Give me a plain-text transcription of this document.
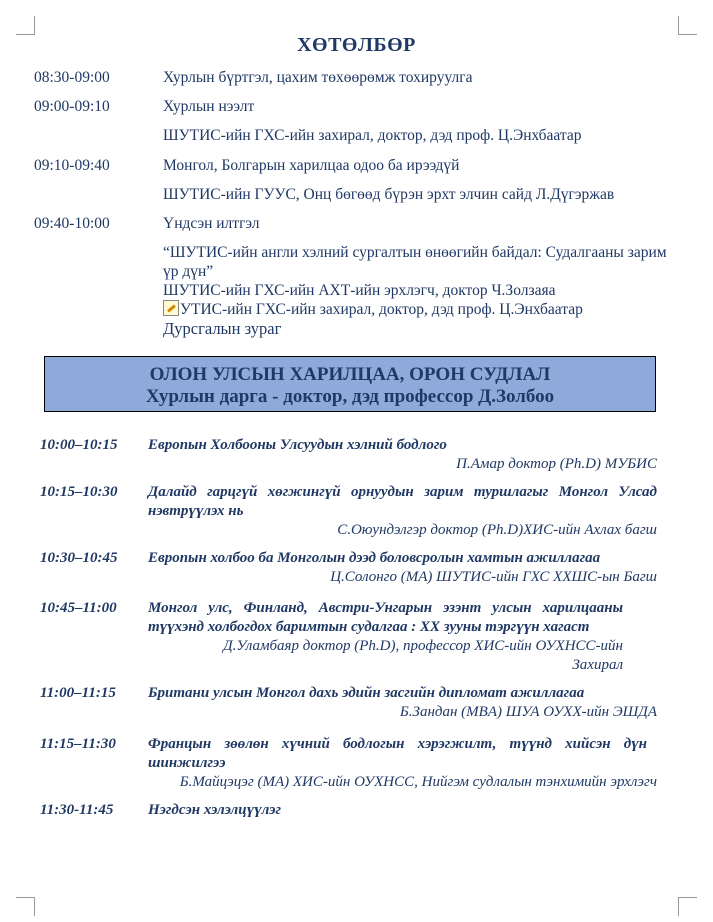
ХӨТӨЛБӨР
08:30-09:00	Хурлын бүртгэл, цахим төхөөрөмж тохируулга
09:00-09:10	Хурлын нээлт
ШУТИС-ийн ГХС-ийн захирал, доктор, дэд проф. Ц.Энхбаатар
09:10-09:40	Монгол, Болгарын харилцаа одоо ба ирээдүй
ШУТИС-ийн ГУУС, Онц бөгөөд бүрэн эрхт элчин сайд Л.Дүгэржав
09:40-10:00	Үндсэн илтгэл
“ШУТИС-ийн англи хэлний сургалтын өнөөгийн байдал: Судалгааны зарим үр дүн”
ШУТИС-ийн ГХС-ийн АХТ-ийн эрхлэгч, доктор Ч.Золзаяа
УТИС-ийн ГХС-ийн захирал, доктор, дэд проф. Ц.Энхбаатар
Дурсгалын зураг
ОЛОН УЛСЫН ХАРИЛЦАА, ОРОН СУДЛАЛ
Хурлын дарга - доктор, дэд профессор Д.Золбоо
10:00–10:15	Европын Холбооны Улсуудын хэлний бодлого
П.Амар доктор (Ph.D) МУБИС
10:15–10:30	Далайд гарцгүй хөгжингүй орнуудын зарим туршлагыг Монгол Улсад нэвтрүүлэх нь
С.Оюундэлгэр доктор (Ph.D)ХИС-ийн Ахлах багш
10:30–10:45	Европын холбоо ба Монголын дээд боловсролын хамтын ажиллагаа
Ц.Солонго (MA) ШУТИС-ийн ГХС ХХШС-ын Багш
10:45–11:00	Монгол улс, Финланд, Австри-Унгарын эзэнт улсын харилцааны түүхэнд холбогдох баримтын судалгаа : XX зууны тэргүүн хагаст
Д.Уламбаяр доктор (Ph.D), профессор ХИС-ийн ОУХНСС-ийн Захирал
11:00–11:15	Британи улсын Монгол дахь эдийн засгийн дипломат ажиллагаа
Б.Зандан (MBA) ШУА ОУХХ-ийн ЭШДА
11:15–11:30	Францын зөөлөн хүчний бодлогын хэрэгжилт, түүнд хийсэн дүн шинжилгээ
Б.Майцэцэг (MA) ХИС-ийн ОУХНСС, Нийгэм судлалын тэнхимийн эрхлэгч
11:30-11:45	Нэгдсэн хэлэлцүүлэг
